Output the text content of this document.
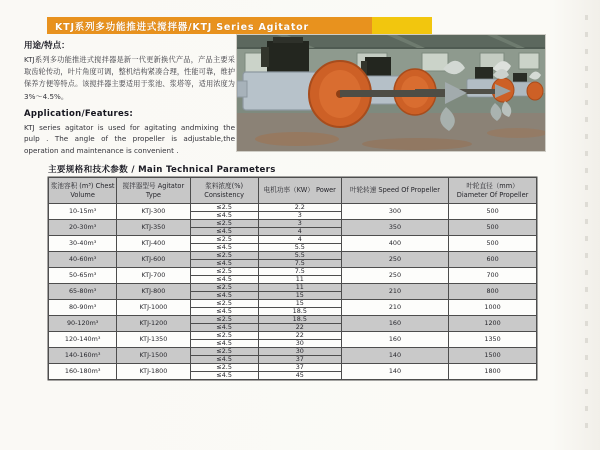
KTJ系列多功能推进式搅拌器/KTJ Series Agitator
用途/特点：
KTJ系列多功能推进式搅拌器是新一代更新换代产品，产品主要采取齿轮传动，叶片角度可调，整机结构紧凑合理，性能可靠，维护保养方便等特点。该搅拌器主要适用于浆池、浆塔等，适用浓度为3%～4.5%。
Application/Features:
KTJ series agitator is used for agitating andmixing the pulp . The angle of the propeller is adjustable,the operation and maintenance is convenient .
主要规格和技术参数 / Main Technical Parameters
浆池容积 (m³) Chest Volume	搅拌器型号 Agitator Type	浆料浓度(%) Consistency	电机功率（KW） Power	叶轮转速 Speed Of Propeller	叶轮直径（mm） Diameter Of Propeller
10-15m³	KTJ-300	≤2.5	2.2	300	500
		≤4.5	3		
20-30m³	KTJ-350	≤2.5	3	350	500
		≤4.5	4		
30-40m³	KTJ-400	≤2.5	4	400	500
		≤4.5	5.5		
40-60m³	KTJ-600	≤2.5	5.5	250	600
		≤4.5	7.5		
50-65m³	KTJ-700	≤2.5	7.5	250	700
		≤4.5	11		
65-80m³	KTJ-800	≤2.5	11	210	800
		≤4.5	15		
80-90m³	KTJ-1000	≤2.5	15	210	1000
		≤4.5	18.5		
90-120m³	KTJ-1200	≤2.5	18.5	160	1200
		≤4.5	22		
120-140m³	KTJ-1350	≤2.5	22	160	1350
		≤4.5	30		
140-160m³	KTJ-1500	≤2.5	30	140	1500
		≤4.5	37		
160-180m³	KTJ-1800	≤2.5	37	140	1800
		≤4.5	45		
